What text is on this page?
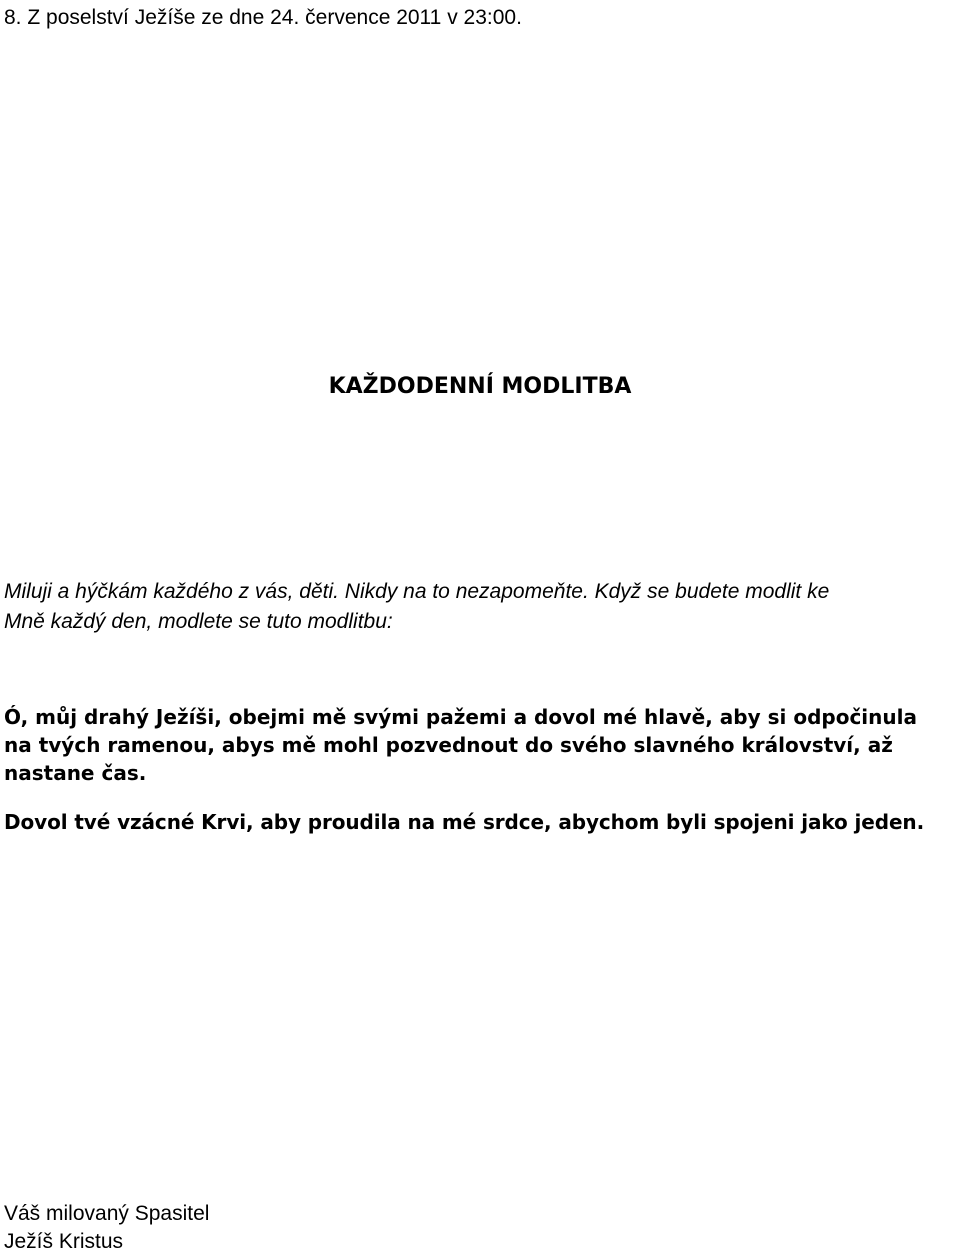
8. Z poselství Ježíše ze dne 24. července 2011 v 23:00.

KAŽDODENNÍ MODLITBA

Miluji a hýčkám každého z vás, děti. Nikdy na to nezapomeňte. Když se budete modlit ke
Mně každý den, modlete se tuto modlitbu:

Ó, můj drahý Ježíši, obejmi mě svými pažemi a dovol mé hlavě, aby si odpočinula
na tvých ramenou, abys mě mohl pozvednout do svého slavného království, až
nastane čas.

Dovol tvé vzácné Krvi, aby proudila na mé srdce, abychom byli spojeni jako jeden.

Váš milovaný Spasitel
Ježíš Kristus
